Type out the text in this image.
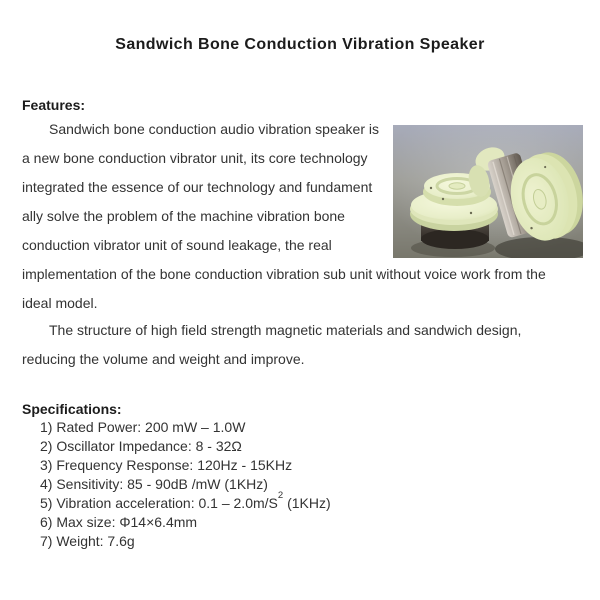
Sandwich Bone Conduction Vibration Speaker
Features:
Sandwich bone conduction audio vibration speaker is
a new bone conduction vibrator unit, its core technology
integrated the essence of our technology and fundament
ally solve the problem of the machine vibration bone
conduction vibrator unit of sound leakage, the real
implementation of the bone conduction vibration sub unit without voice work from the
ideal model.
The structure of high field strength magnetic materials and sandwich design,
reducing the volume and weight and improve.
Specifications:
1) Rated Power: 200 mW – 1.0W
2) Oscillator Impedance: 8 - 32Ω
3) Frequency Response: 120Hz - 15KHz
4) Sensitivity: 85 - 90dB /mW (1KHz)
5) Vibration acceleration: $0.1 - 2.0m/S^2$ (1KHz)
6) Max size: Φ14×6.4mm
7) Weight: 7.6g
